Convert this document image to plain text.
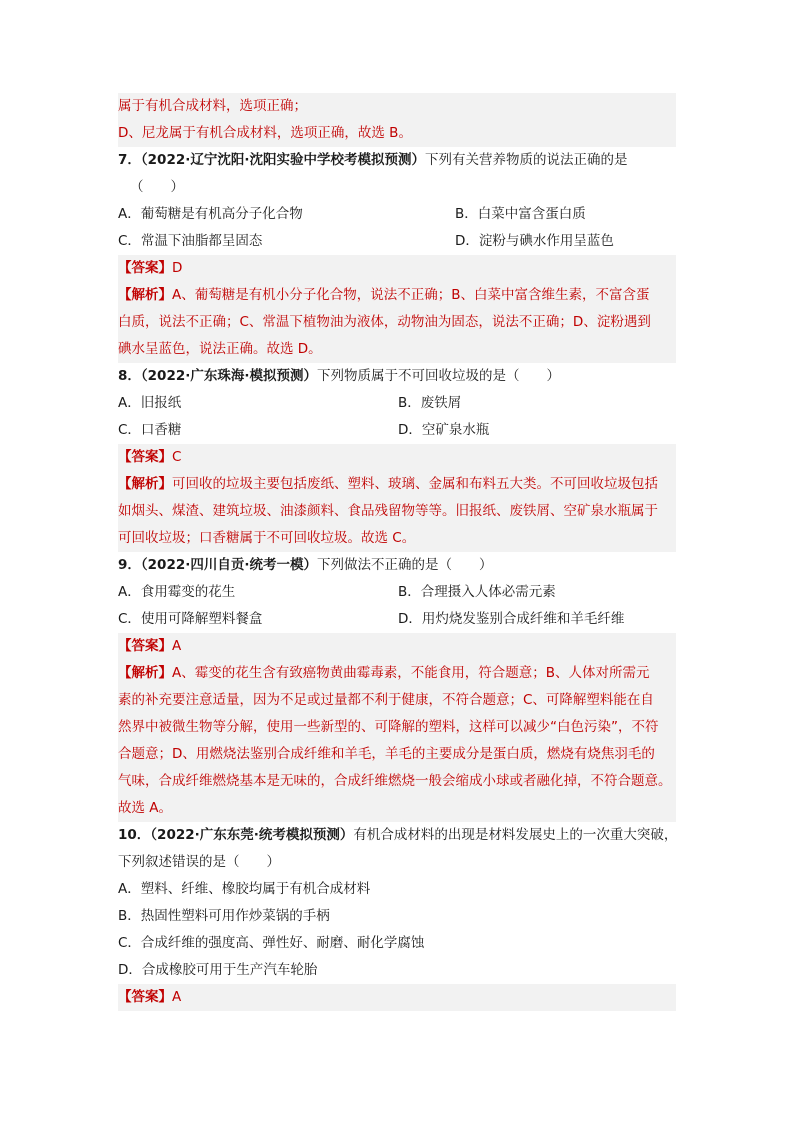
属于有机合成材料，选项正确；
D、尼龙属于有机合成材料，选项正确，故选 B。
7．（2022·辽宁沈阳·沈阳实验中学校考模拟预测）下列有关营养物质的说法正确的是
（　　）
A．葡萄糖是有机高分子化合物	B．白菜中富含蛋白质
C．常温下油脂都呈固态	D．淀粉与碘水作用呈蓝色
【答案】D
【解析】A、葡萄糖是有机小分子化合物，说法不正确；B、白菜中富含维生素，不富含蛋
白质，说法不正确；C、常温下植物油为液体，动物油为固态，说法不正确；D、淀粉遇到
碘水呈蓝色，说法正确。故选 D。
8．（2022·广东珠海·模拟预测）下列物质属于不可回收垃圾的是（　　）
A．旧报纸	B．废铁屑
C．口香糖	D．空矿泉水瓶
【答案】C
【解析】可回收的垃圾主要包括废纸、塑料、玻璃、金属和布料五大类。不可回收垃圾包括
如烟头、煤渣、建筑垃圾、油漆颜料、食品残留物等等。旧报纸、废铁屑、空矿泉水瓶属于
可回收垃圾；口香糖属于不可回收垃圾。故选 C。
9．（2022·四川自贡·统考一模）下列做法不正确的是（　　）
A．食用霉变的花生	B．合理摄入人体必需元素
C．使用可降解塑料餐盒	D．用灼烧发鉴别合成纤维和羊毛纤维
【答案】A
【解析】A、霉变的花生含有致癌物黄曲霉毒素，不能食用，符合题意；B、人体对所需元
素的补充要注意适量，因为不足或过量都不利于健康，不符合题意；C、可降解塑料能在自
然界中被微生物等分解，使用一些新型的、可降解的塑料，这样可以减少“白色污染”，不符
合题意；D、用燃烧法鉴别合成纤维和羊毛，羊毛的主要成分是蛋白质，燃烧有烧焦羽毛的
气味，合成纤维燃烧基本是无味的，合成纤维燃烧一般会缩成小球或者融化掉，不符合题意。
故选 A。
10．（2022·广东东莞·统考模拟预测）有机合成材料的出现是材料发展史上的一次重大突破，
下列叙述错误的是（　　）
A．塑料、纤维、橡胶均属于有机合成材料
B．热固性塑料可用作炒菜锅的手柄
C．合成纤维的强度高、弹性好、耐磨、耐化学腐蚀
D．合成橡胶可用于生产汽车轮胎
【答案】A
